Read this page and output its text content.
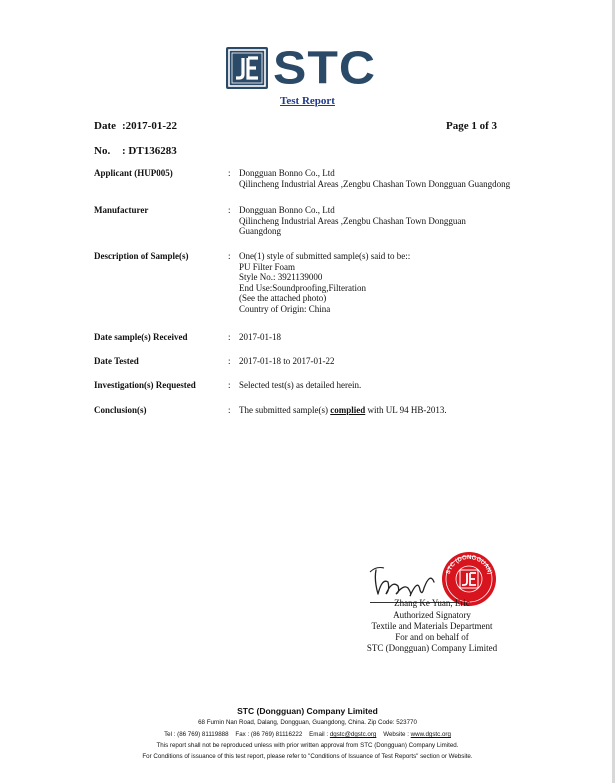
STC
Test Report
Date :2017-01-22	Page 1 of 3
No. : DT136283
Applicant (HUP005)	: Dongguan Bonno Co., Ltd
Qilincheng Industrial Areas ,Zengbu Chashan Town Dongguan Guangdong
Manufacturer	: Dongguan Bonno Co., Ltd
Qilincheng Industrial Areas ,Zengbu Chashan Town Dongguan
Guangdong
Description of Sample(s)	: One(1) style of submitted sample(s) said to be::
PU Filter Foam
Style No.: 3921139000
End Use:Soundproofing,Filteration
(See the attached photo)
Country of Origin: China
Date sample(s) Received	: 2017-01-18
Date Tested	: 2017-01-18 to 2017-01-22
Investigation(s) Requested	: Selected test(s) as detailed herein.
Conclusion(s)	: The submitted sample(s) complied with UL 94 HB-2013.
STC (DONGGUAN)
Zhang Ke Yuan, Eric
Authorized Signatory
Textile and Materials Department
For and on behalf of
STC (Dongguan) Company Limited
STC (Dongguan) Company Limited
68 Furnin Nan Road, Dalang, Dongguan, Guangdong, China. Zip Code: 523770
Tel : (86 769) 81119888 Fax : (86 769) 81116222 Email : dgstc@dgstc.org Website : www.dgstc.org
This report shall not be reproduced unless with prior written approval from STC (Dongguan) Company Limited.
For Conditions of issuance of this test report, please refer to "Conditions of Issuance of Test Reports" section or Website.
